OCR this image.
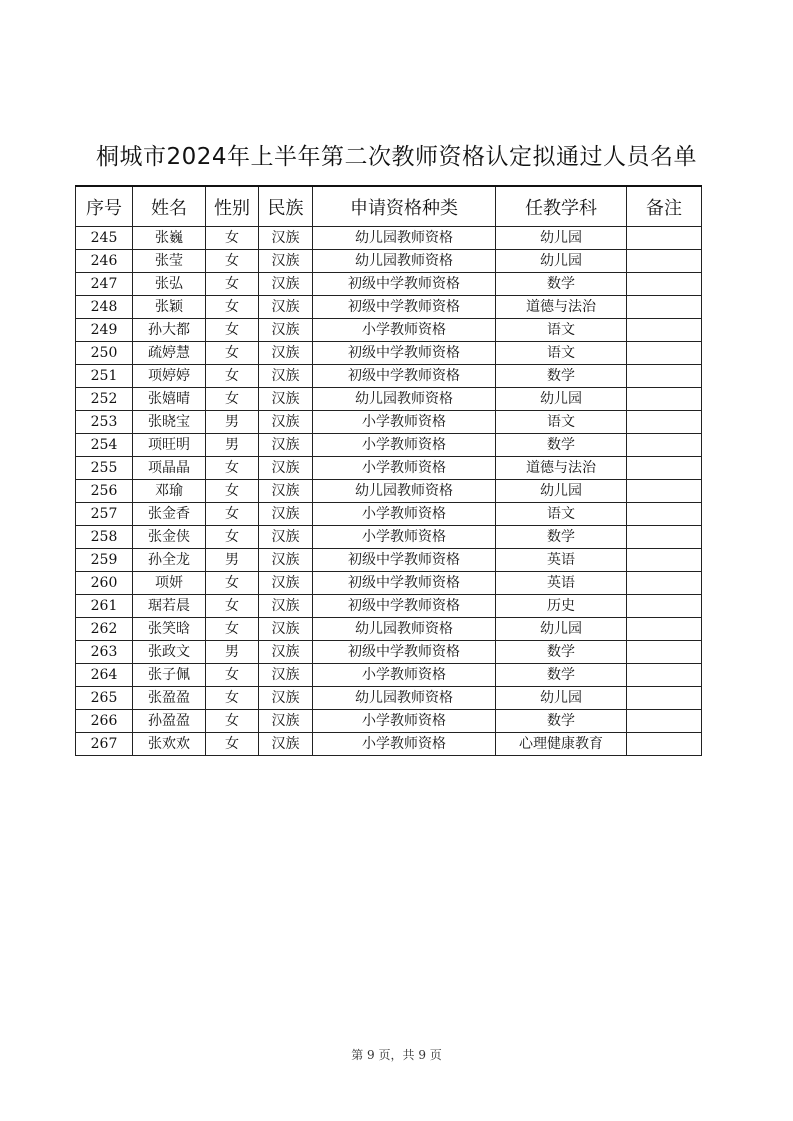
桐城市2024年上半年第二次教师资格认定拟通过人员名单
序号	姓名	性别	民族	申请资格种类	任教学科	备注
245	张巍	女	汉族	幼儿园教师资格	幼儿园	
246	张莹	女	汉族	幼儿园教师资格	幼儿园	
247	张弘	女	汉族	初级中学教师资格	数学	
248	张颖	女	汉族	初级中学教师资格	道德与法治	
249	孙大都	女	汉族	小学教师资格	语文	
250	疏婷慧	女	汉族	初级中学教师资格	语文	
251	项婷婷	女	汉族	初级中学教师资格	数学	
252	张嬉晴	女	汉族	幼儿园教师资格	幼儿园	
253	张晓宝	男	汉族	小学教师资格	语文	
254	项旺明	男	汉族	小学教师资格	数学	
255	项晶晶	女	汉族	小学教师资格	道德与法治	
256	邓瑜	女	汉族	幼儿园教师资格	幼儿园	
257	张金香	女	汉族	小学教师资格	语文	
258	张金侠	女	汉族	小学教师资格	数学	
259	孙全龙	男	汉族	初级中学教师资格	英语	
260	项妍	女	汉族	初级中学教师资格	英语	
261	琚若晨	女	汉族	初级中学教师资格	历史	
262	张笑晗	女	汉族	幼儿园教师资格	幼儿园	
263	张政文	男	汉族	初级中学教师资格	数学	
264	张子佩	女	汉族	小学教师资格	数学	
265	张盈盈	女	汉族	幼儿园教师资格	幼儿园	
266	孙盈盈	女	汉族	小学教师资格	数学	
267	张欢欢	女	汉族	小学教师资格	心理健康教育	
第 9 页，共 9 页
